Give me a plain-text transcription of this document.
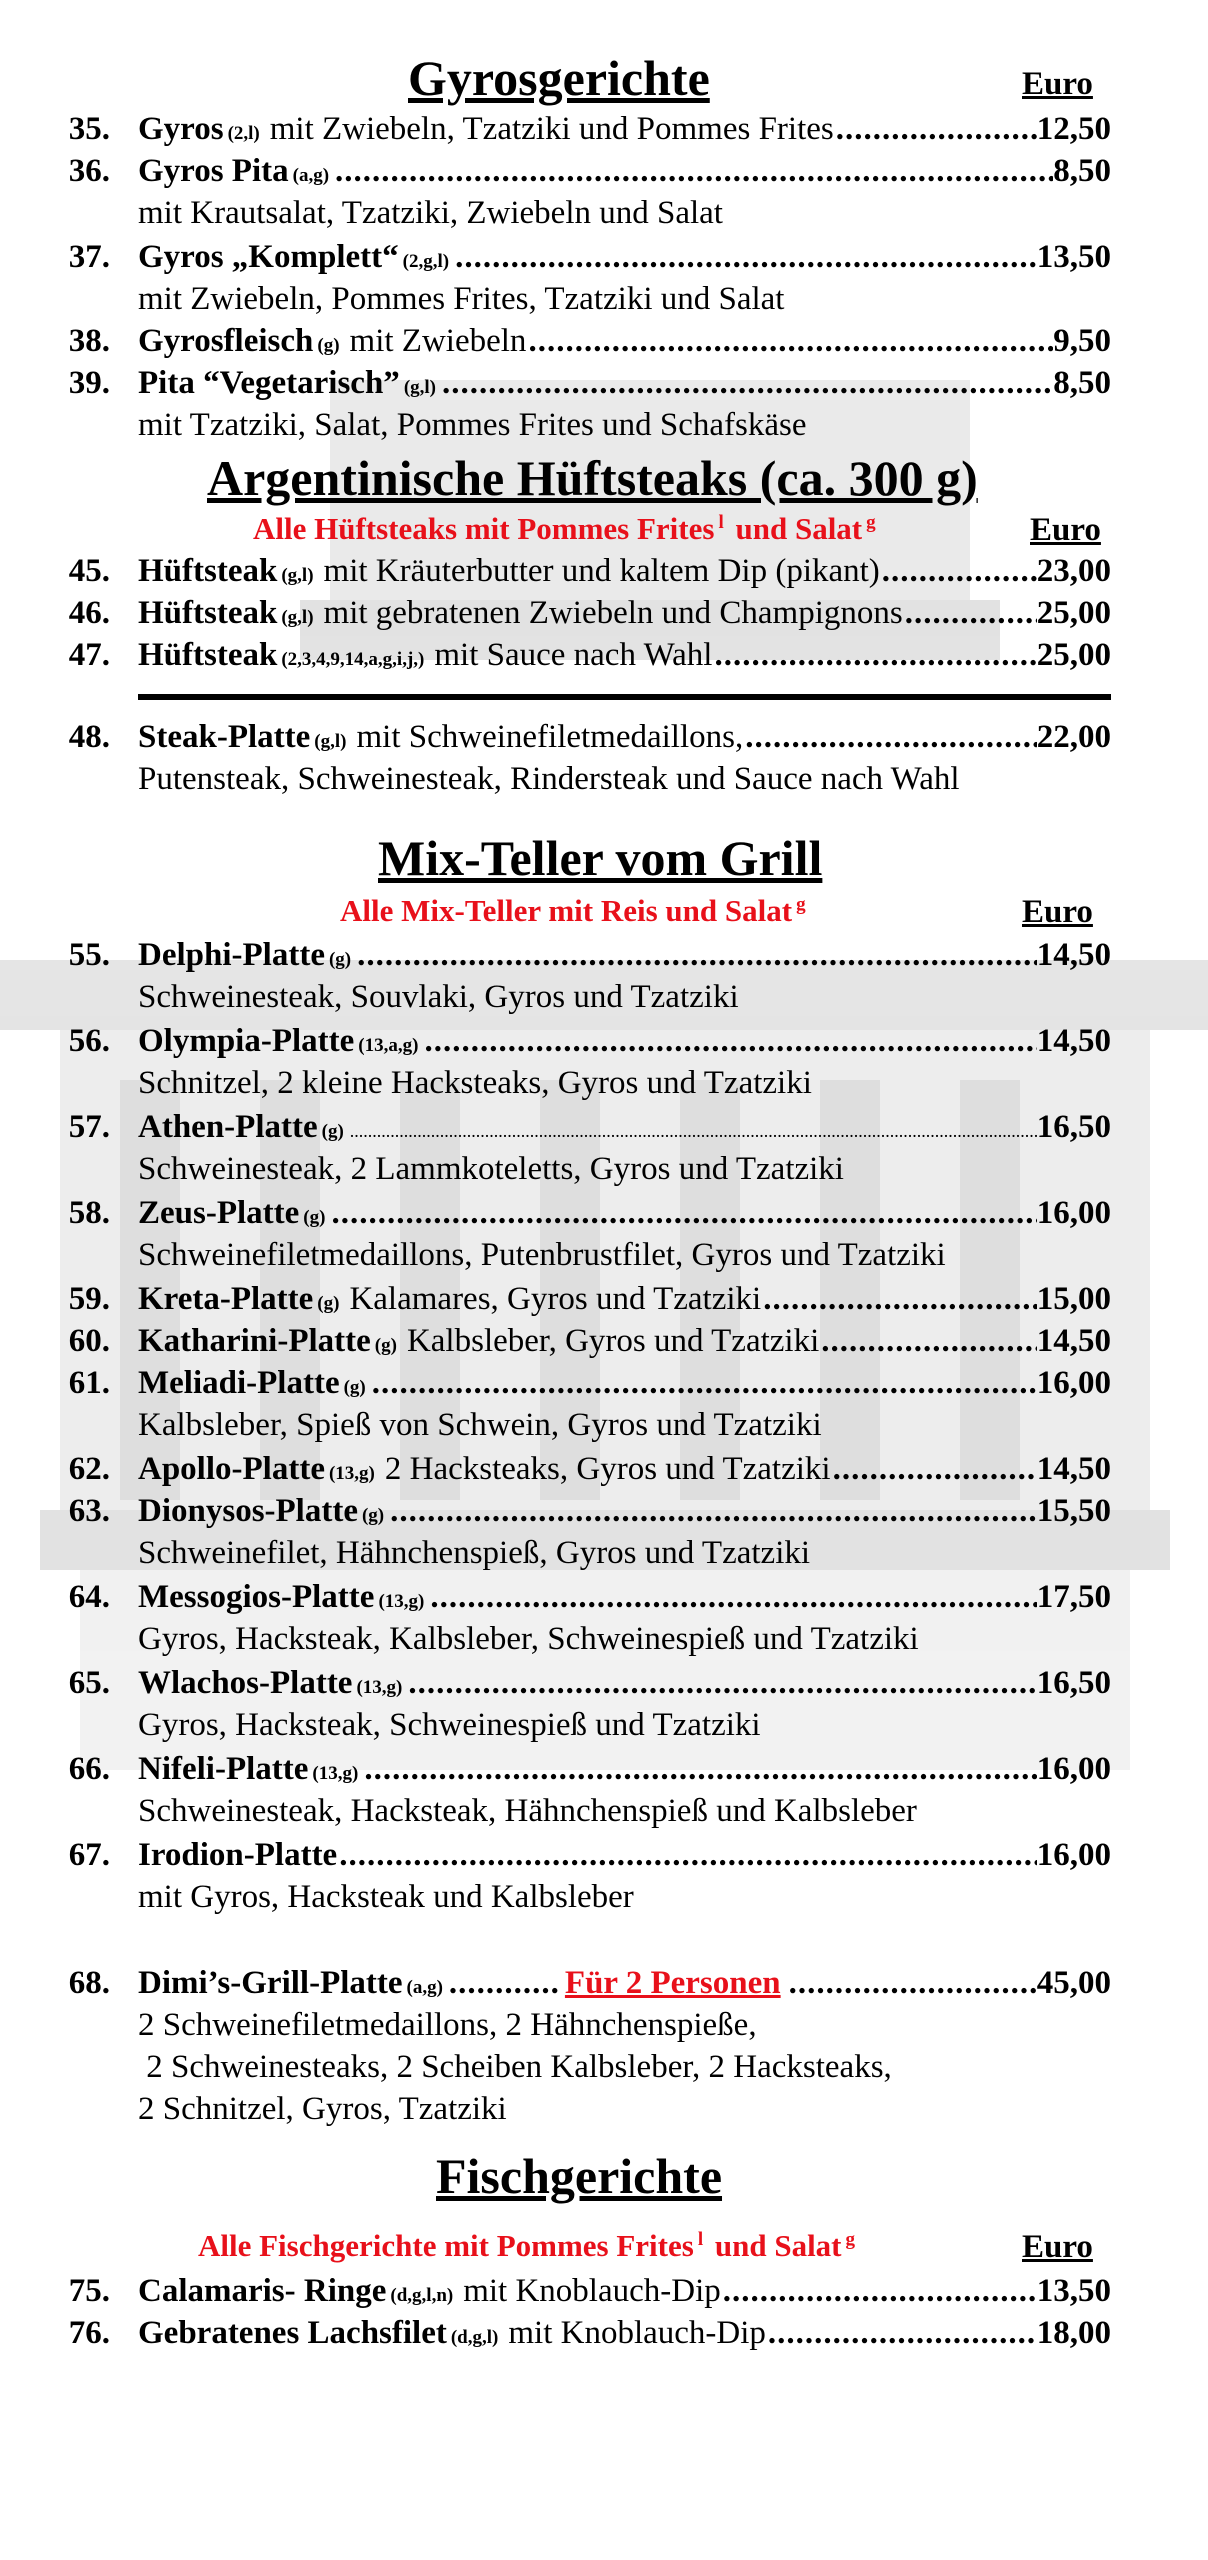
Gyrosgerichte	Euro
35. Gyros (2,l) mit Zwiebeln, Tzatziki und Pommes Frites .....	12,50
36. Gyros Pita (a,g) .....	8,50
mit Krautsalat, Tzatziki, Zwiebeln und Salat
37. Gyros „Komplett“ (2,g,l) .....	13,50
mit Zwiebeln, Pommes Frites, Tzatziki und Salat
38. Gyrosfleisch (g) mit Zwiebeln .....	9,50
39. Pita “Vegetarisch” (g,l) .....	8,50
mit Tzatziki, Salat, Pommes Frites und Schafskäse
Argentinische Hüftsteaks (ca. 300 g)
Alle Hüftsteaks mit Pommes Frites $^l$ und Salat $^g$	Euro
45. Hüftsteak (g,l) mit Kräuterbutter und kaltem Dip (pikant) .....	23,00
46. Hüftsteak (g,l) mit gebratenen Zwiebeln und Champignons .....	25,00
47. Hüftsteak (2,3,4,9,14,a,g,i,j,) mit Sauce nach Wahl .....	25,00
48. Steak-Platte (g,l) mit Schweinefiletmedaillons, .....	22,00
Putensteak, Schweinesteak, Rindersteak und Sauce nach Wahl
Mix-Teller vom Grill
Alle Mix-Teller mit Reis und Salat $^g$	Euro
55. Delphi-Platte (g) .....	14,50
Schweinesteak, Souvlaki, Gyros und Tzatziki
56. Olympia-Platte (13,a,g) .....	14,50
Schnitzel, 2 kleine Hacksteaks, Gyros und Tzatziki
57. Athen-Platte (g) .....	16,50
Schweinesteak, 2 Lammkoteletts, Gyros und Tzatziki
58. Zeus-Platte (g) .....	16,00
Schweinefiletmedaillons, Putenbrustfilet, Gyros und Tzatziki
59. Kreta-Platte (g) Kalamares, Gyros und Tzatziki .....	15,00
60. Katharini-Platte (g) Kalbsleber, Gyros und Tzatziki .....	14,50
61. Meliadi-Platte (g) .....	16,00
Kalbsleber, Spieß von Schwein, Gyros und Tzatziki
62. Apollo-Platte (13,g) 2 Hacksteaks, Gyros und Tzatziki .....	14,50
63. Dionysos-Platte (g) .....	15,50
Schweinefilet, Hähnchenspieß, Gyros und Tzatziki
64. Messogios-Platte (13,g) .....	17,50
Gyros, Hacksteak, Kalbsleber, Schweinespieß und Tzatziki
65. Wlachos-Platte (13,g) .....	16,50
Gyros, Hacksteak, Schweinespieß und Tzatziki
66. Nifeli-Platte (13,g) .....	16,00
Schweinesteak, Hacksteak, Hähnchenspieß und Kalbsleber
67. Irodion-Platte .....	16,00
mit Gyros, Hacksteak und Kalbsleber
68. Dimi’s-Grill-Platte (a,g) .....	Für 2 Personen .....	45,00
2 Schweinefiletmedaillons, 2 Hähnchenspieße,
2 Schweinesteaks, 2 Scheiben Kalbsleber, 2 Hacksteaks,
2 Schnitzel, Gyros, Tzatziki
Fischgerichte
Alle Fischgerichte mit Pommes Frites $^l$ und Salat $^g$	Euro
75. Calamaris- Ringe (d,g,l,n) mit Knoblauch-Dip .....	13,50
76. Gebratenes Lachsfilet (d,g,l) mit Knoblauch-Dip .....	18,00
